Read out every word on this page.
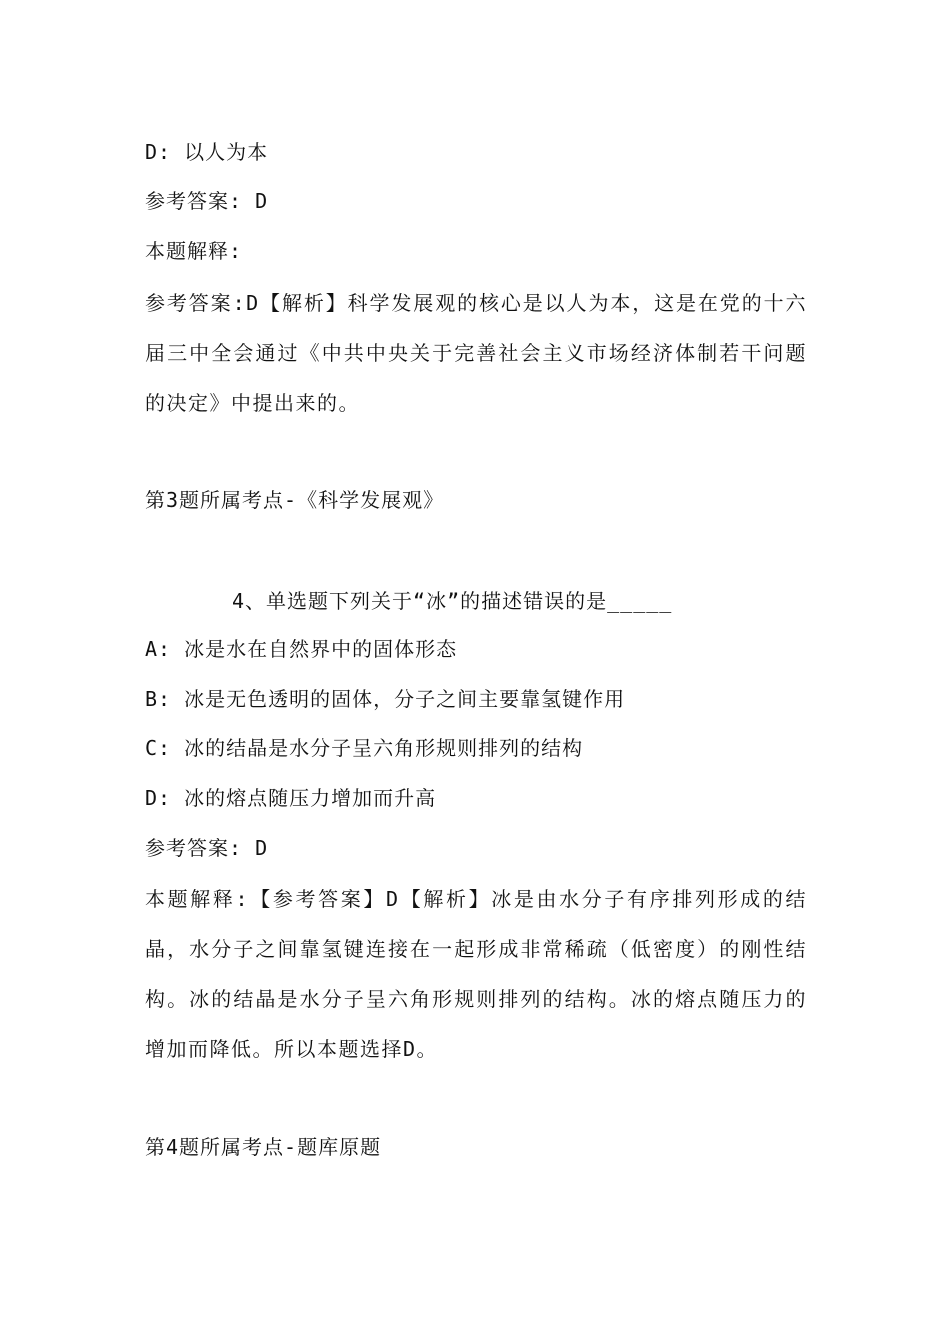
D: 以人为本
参考答案: D
本题解释:
参考答案:D【解析】科学发展观的核心是以人为本，这是在党的十六届三中全会通过《中共中央关于完善社会主义市场经济体制若干问题的决定》中提出来的。
第3题所属考点-《科学发展观》
4、单选题下列关于“冰”的描述错误的是_____
A: 冰是水在自然界中的固体形态
B: 冰是无色透明的固体，分子之间主要靠氢键作用
C: 冰的结晶是水分子呈六角形规则排列的结构
D: 冰的熔点随压力增加而升高
参考答案: D
本题解释:【参考答案】D【解析】冰是由水分子有序排列形成的结晶，水分子之间靠氢键连接在一起形成非常稀疏（低密度）的刚性结构。冰的结晶是水分子呈六角形规则排列的结构。冰的熔点随压力的增加而降低。所以本题选择D。
第4题所属考点-题库原题
